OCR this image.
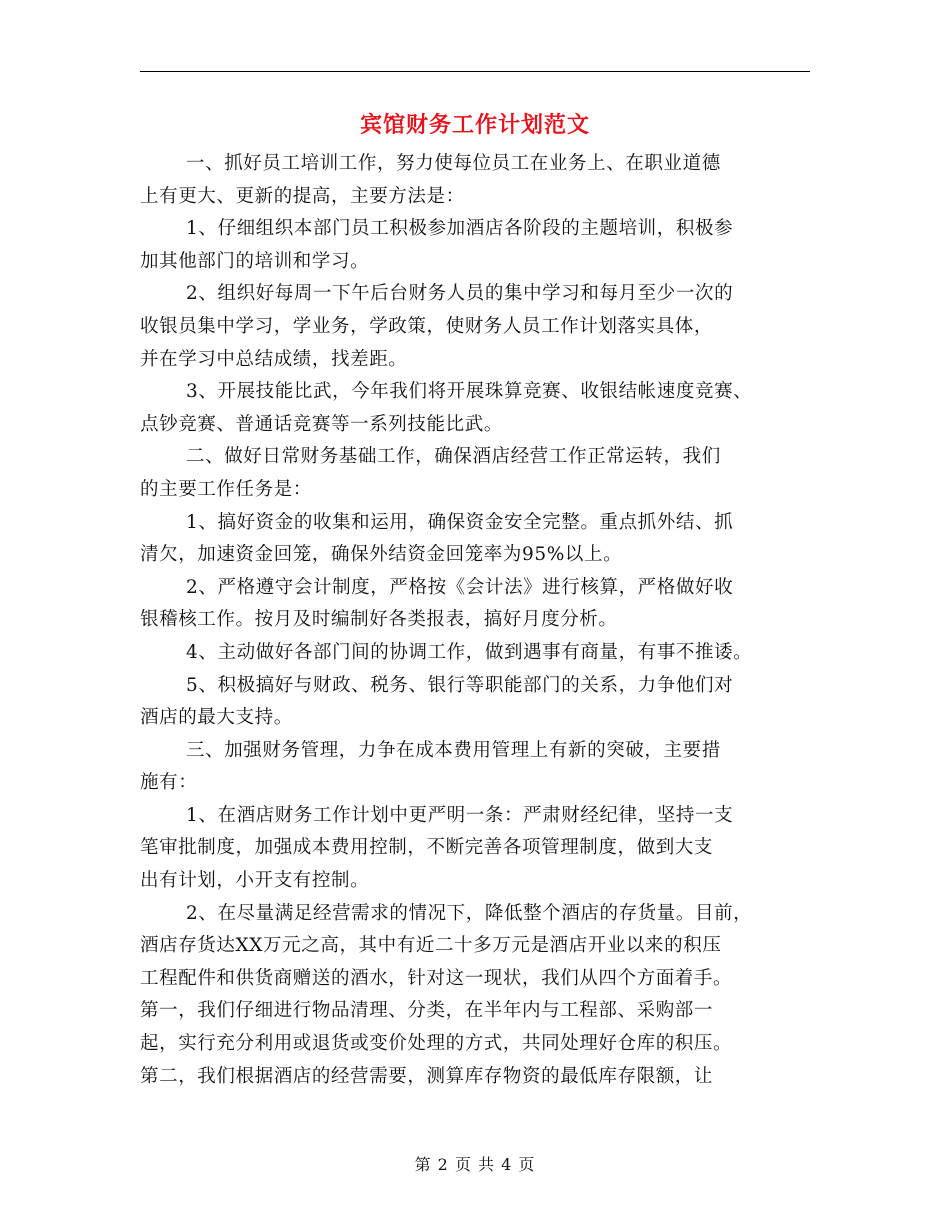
宾馆财务工作计划范文
一、抓好员工培训工作，努力使每位员工在业务上、在职业道德
上有更大、更新的提高，主要方法是：
1、仔细组织本部门员工积极参加酒店各阶段的主题培训，积极参
加其他部门的培训和学习。
2、组织好每周一下午后台财务人员的集中学习和每月至少一次的
收银员集中学习，学业务，学政策，使财务人员工作计划落实具体，
并在学习中总结成绩，找差距。
3、开展技能比武，今年我们将开展珠算竞赛、收银结帐速度竞赛、
点钞竞赛、普通话竞赛等一系列技能比武。
二、做好日常财务基础工作，确保酒店经营工作正常运转，我们
的主要工作任务是：
1、搞好资金的收集和运用，确保资金安全完整。重点抓外结、抓
清欠，加速资金回笼，确保外结资金回笼率为95%以上。
2、严格遵守会计制度，严格按《会计法》进行核算，严格做好收
银稽核工作。按月及时编制好各类报表，搞好月度分析。
4、主动做好各部门间的协调工作，做到遇事有商量，有事不推诿。
5、积极搞好与财政、税务、银行等职能部门的关系，力争他们对
酒店的最大支持。
三、加强财务管理，力争在成本费用管理上有新的突破，主要措
施有：
1、在酒店财务工作计划中更严明一条：严肃财经纪律，坚持一支
笔审批制度，加强成本费用控制，不断完善各项管理制度，做到大支
出有计划，小开支有控制。
2、在尽量满足经营需求的情况下，降低整个酒店的存货量。目前，
酒店存货达XX万元之高，其中有近二十多万元是酒店开业以来的积压
工程配件和供货商赠送的酒水，针对这一现状，我们从四个方面着手。
第一，我们仔细进行物品清理、分类，在半年内与工程部、采购部一
起，实行充分利用或退货或变价处理的方式，共同处理好仓库的积压。
第二，我们根据酒店的经营需要，测算库存物资的最低库存限额，让
第 2 页 共 4 页
